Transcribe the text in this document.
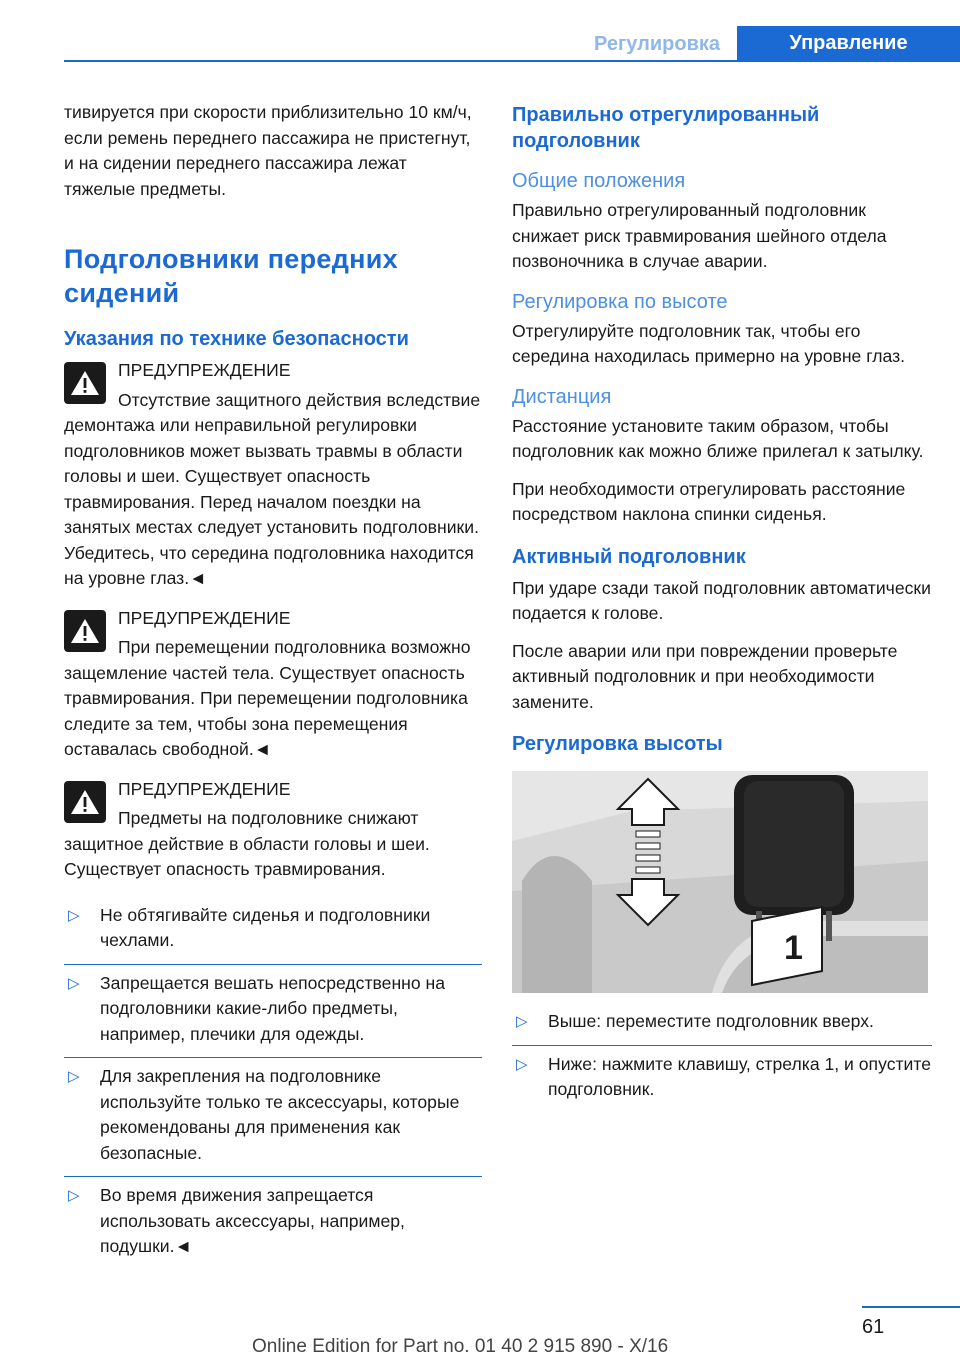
Регулировка	Управление

тивируется при скорости приблизительно 10 км/ч, если ремень переднего пассажира не пристегнут, и на сидении переднего пассажира лежат тяжелые предметы.

Подголовники передних сидений
Указания по технике безопасности

ПРЕДУПРЕЖДЕНИЕ

Отсутствие защитного действия вследствие демонтажа или неправильной регулировки подголовников может вызвать травмы в области головы и шеи. Существует опасность травмирования. Перед началом поездки на занятых местах следует установить подголовники. Убедитесь, что середина подголовника находится на уровне глаз.◄

ПРЕДУПРЕЖДЕНИЕ

При перемещении подголовника возможно защемление частей тела. Существует опасность травмирования. При перемещении подголовника следите за тем, чтобы зона перемещения оставалась свободной.◄

ПРЕДУПРЕЖДЕНИЕ

Предметы на подголовнике снижают защитное действие в области головы и шеи. Существует опасность травмирования.

▷ Не обтягивайте сиденья и подголовники чехлами.
▷ Запрещается вешать непосредственно на подголовники какие-либо предметы, например, плечики для одежды.
▷ Для закрепления на подголовнике используйте только те аксессуары, которые рекомендованы для применения как безопасные.
▷ Во время движения запрещается использовать аксессуары, например, подушки.◄
Правильно отрегулированный подголовник
Общие положения

Правильно отрегулированный подголовник снижает риск травмирования шейного отдела позвоночника в случае аварии.

Регулировка по высоте

Отрегулируйте подголовник так, чтобы его середина находилась примерно на уровне глаз.

Дистанция

Расстояние установите таким образом, чтобы подголовник как можно ближе прилегал к затылку.

При необходимости отрегулировать расстояние посредством наклона спинки сиденья.

Активный подголовник

При ударе сзади такой подголовник автоматически подается к голове.

После аварии или при повреждении проверьте активный подголовник и при необходимости замените.

Регулировка высоты
1
▷ Выше: переместите подголовник вверх.
▷ Ниже: нажмите клавишу, стрелка 1, и опустите подголовник.
61
Online Edition for Part no. 01 40 2 915 890 - X/16
